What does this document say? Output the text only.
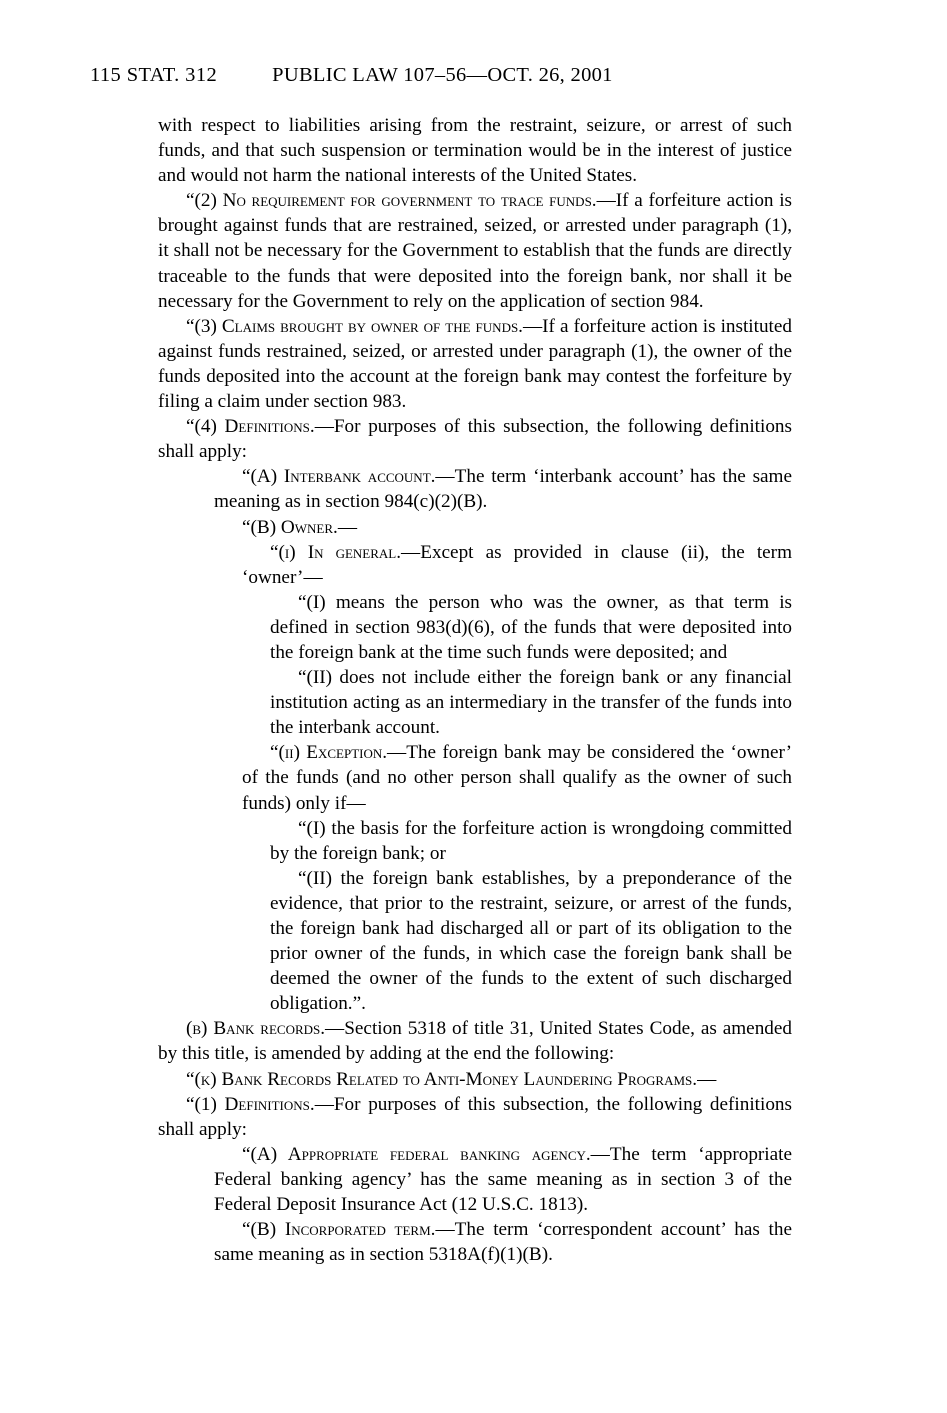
115 STAT. 312	PUBLIC LAW 107–56—OCT. 26, 2001

with respect to liabilities arising from the restraint, seizure, or arrest of such funds, and that such suspension or termination would be in the interest of justice and would not harm the national interests of the United States.

“(2) No requirement for government to trace funds.—If a forfeiture action is brought against funds that are restrained, seized, or arrested under paragraph (1), it shall not be necessary for the Government to establish that the funds are directly traceable to the funds that were deposited into the foreign bank, nor shall it be necessary for the Government to rely on the application of section 984.

“(3) Claims brought by owner of the funds.—If a forfeiture action is instituted against funds restrained, seized, or arrested under paragraph (1), the owner of the funds deposited into the account at the foreign bank may contest the forfeiture by filing a claim under section 983.

“(4) Definitions.—For purposes of this subsection, the following definitions shall apply:

“(A) Interbank account.—The term ‘interbank account’ has the same meaning as in section 984(c)(2)(B).

“(B) Owner.—

“(i) In general.—Except as provided in clause (ii), the term ‘owner’—

“(I) means the person who was the owner, as that term is defined in section 983(d)(6), of the funds that were deposited into the foreign bank at the time such funds were deposited; and

“(II) does not include either the foreign bank or any financial institution acting as an intermediary in the transfer of the funds into the interbank account.

“(ii) Exception.—The foreign bank may be considered the ‘owner’ of the funds (and no other person shall qualify as the owner of such funds) only if—

“(I) the basis for the forfeiture action is wrongdoing committed by the foreign bank; or

“(II) the foreign bank establishes, by a preponderance of the evidence, that prior to the restraint, seizure, or arrest of the funds, the foreign bank had discharged all or part of its obligation to the prior owner of the funds, in which case the foreign bank shall be deemed the owner of the funds to the extent of such discharged obligation.”.

(b) Bank records.—Section 5318 of title 31, United States Code, as amended by this title, is amended by adding at the end the following:

“(k) Bank Records Related to Anti-Money Laundering Programs.—

“(1) Definitions.—For purposes of this subsection, the following definitions shall apply:

“(A) Appropriate federal banking agency.—The term ‘appropriate Federal banking agency’ has the same meaning as in section 3 of the Federal Deposit Insurance Act (12 U.S.C. 1813).

“(B) Incorporated term.—The term ‘correspondent account’ has the same meaning as in section 5318A(f)(1)(B).
